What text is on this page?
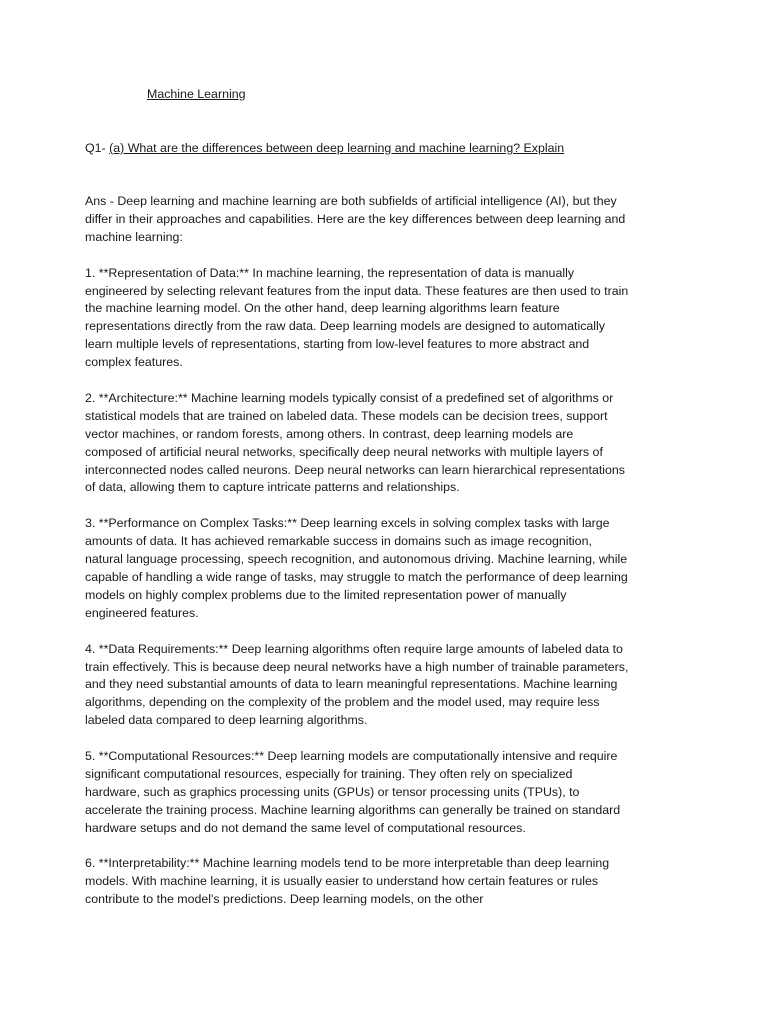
Machine Learning

Q1- (a) What are the differences between deep learning and machine learning? Explain

Ans - Deep learning and machine learning are both subfields of artificial intelligence (AI), but they differ in their approaches and capabilities. Here are the key differences between deep learning and machine learning:

1. **Representation of Data:** In machine learning, the representation of data is manually engineered by selecting relevant features from the input data. These features are then used to train the machine learning model. On the other hand, deep learning algorithms learn feature representations directly from the raw data. Deep learning models are designed to automatically learn multiple levels of representations, starting from low-level features to more abstract and complex features.

2. **Architecture:** Machine learning models typically consist of a predefined set of algorithms or statistical models that are trained on labeled data. These models can be decision trees, support vector machines, or random forests, among others. In contrast, deep learning models are composed of artificial neural networks, specifically deep neural networks with multiple layers of interconnected nodes called neurons. Deep neural networks can learn hierarchical representations of data, allowing them to capture intricate patterns and relationships.

3. **Performance on Complex Tasks:** Deep learning excels in solving complex tasks with large amounts of data. It has achieved remarkable success in domains such as image recognition, natural language processing, speech recognition, and autonomous driving. Machine learning, while capable of handling a wide range of tasks, may struggle to match the performance of deep learning models on highly complex problems due to the limited representation power of manually engineered features.

4. **Data Requirements:** Deep learning algorithms often require large amounts of labeled data to train effectively. This is because deep neural networks have a high number of trainable parameters, and they need substantial amounts of data to learn meaningful representations. Machine learning algorithms, depending on the complexity of the problem and the model used, may require less labeled data compared to deep learning algorithms.

5. **Computational Resources:** Deep learning models are computationally intensive and require significant computational resources, especially for training. They often rely on specialized hardware, such as graphics processing units (GPUs) or tensor processing units (TPUs), to accelerate the training process. Machine learning algorithms can generally be trained on standard hardware setups and do not demand the same level of computational resources.

6. **Interpretability:** Machine learning models tend to be more interpretable than deep learning models. With machine learning, it is usually easier to understand how certain features or rules contribute to the model's predictions. Deep learning models, on the other
